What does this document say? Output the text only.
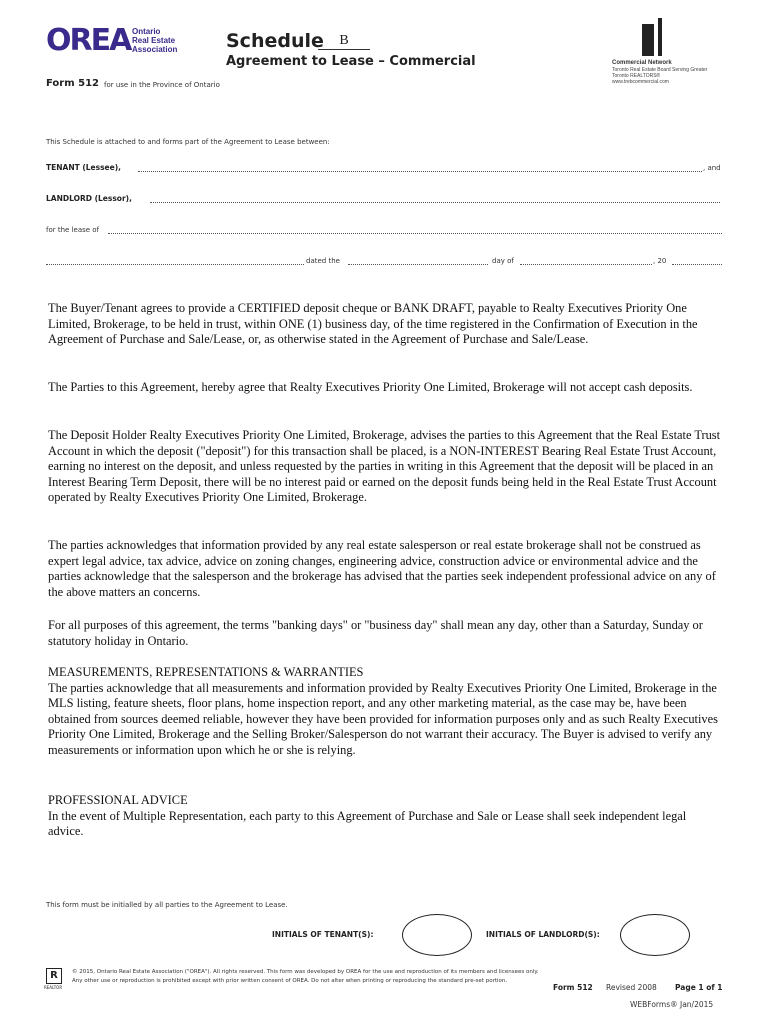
OREA Ontario
Real Estate
Association	Schedule	B
Agreement to Lease – Commercial
Form 512 for use in the Province of Ontario
Commercial Network
Toronto Real Estate Board Serving Greater Toronto REALTORS® www.trebcommercial.com
This Schedule is attached to and forms part of the Agreement to Lease between:
TENANT (Lessee),	, and
LANDLORD (Lessor),
for the lease of
dated the	day of	, 20
The Buyer/Tenant agrees to provide a CERTIFIED deposit cheque or BANK DRAFT, payable to Realty Executives Priority One Limited, Brokerage, to be held in trust, within ONE (1) business day, of the time registered in the Confirmation of Execution in the Agreement of Purchase and Sale/Lease, or, as otherwise stated in the Agreement of Purchase and Sale/Lease.
The Parties to this Agreement, hereby agree that Realty Executives Priority One Limited, Brokerage will not accept cash deposits.
The Deposit Holder Realty Executives Priority One Limited, Brokerage, advises the parties to this Agreement that the Real Estate Trust Account in which the deposit ("deposit") for this transaction shall be placed, is a NON-INTEREST Bearing Real Estate Trust Account, earning no interest on the deposit, and unless requested by the parties in writing in this Agreement that the deposit will be placed in an Interest Bearing Term Deposit, there will be no interest paid or earned on the deposit funds being held in the Real Estate Trust Account operated by Realty Executives Priority One Limited, Brokerage.
The parties acknowledges that information provided by any real estate salesperson or real estate brokerage shall not be construed as expert legal advice, tax advice, advice on zoning changes, engineering advice, construction advice or environmental advice and the parties acknowledge that the salesperson and the brokerage has advised that the parties seek independent professional advice on any of the above matters an concerns.
For all purposes of this agreement, the terms "banking days" or "business day" shall mean any day, other than a Saturday, Sunday or statutory holiday in Ontario.
MEASUREMENTS, REPRESENTATIONS & WARRANTIES
The parties acknowledge that all measurements and information provided by Realty Executives Priority One Limited, Brokerage in the MLS listing, feature sheets, floor plans, home inspection report, and any other marketing material, as the case may be, have been obtained from sources deemed reliable, however they have been provided for information purposes only and as such Realty Executives Priority One Limited, Brokerage and the Selling Broker/Salesperson do not warrant their accuracy. The Buyer is advised to verify any measurements or information upon which he or she is relying.
PROFESSIONAL ADVICE
In the event of Multiple Representation, each party to this Agreement of Purchase and Sale or Lease shall seek independent legal advice.
This form must be initialled by all parties to the Agreement to Lease.
INITIALS OF TENANT(S):	INITIALS OF LANDLORD(S):
R
REALTOR
© 2015, Ontario Real Estate Association ("OREA"). All rights reserved. This form was developed by OREA for the use and reproduction of its members and licensees only. Any other use or reproduction is prohibited except with prior written consent of OREA. Do not alter when printing or reproducing the standard pre-set portion.
Form 512 Revised 2008 Page 1 of 1
WEBForms® Jan/2015
